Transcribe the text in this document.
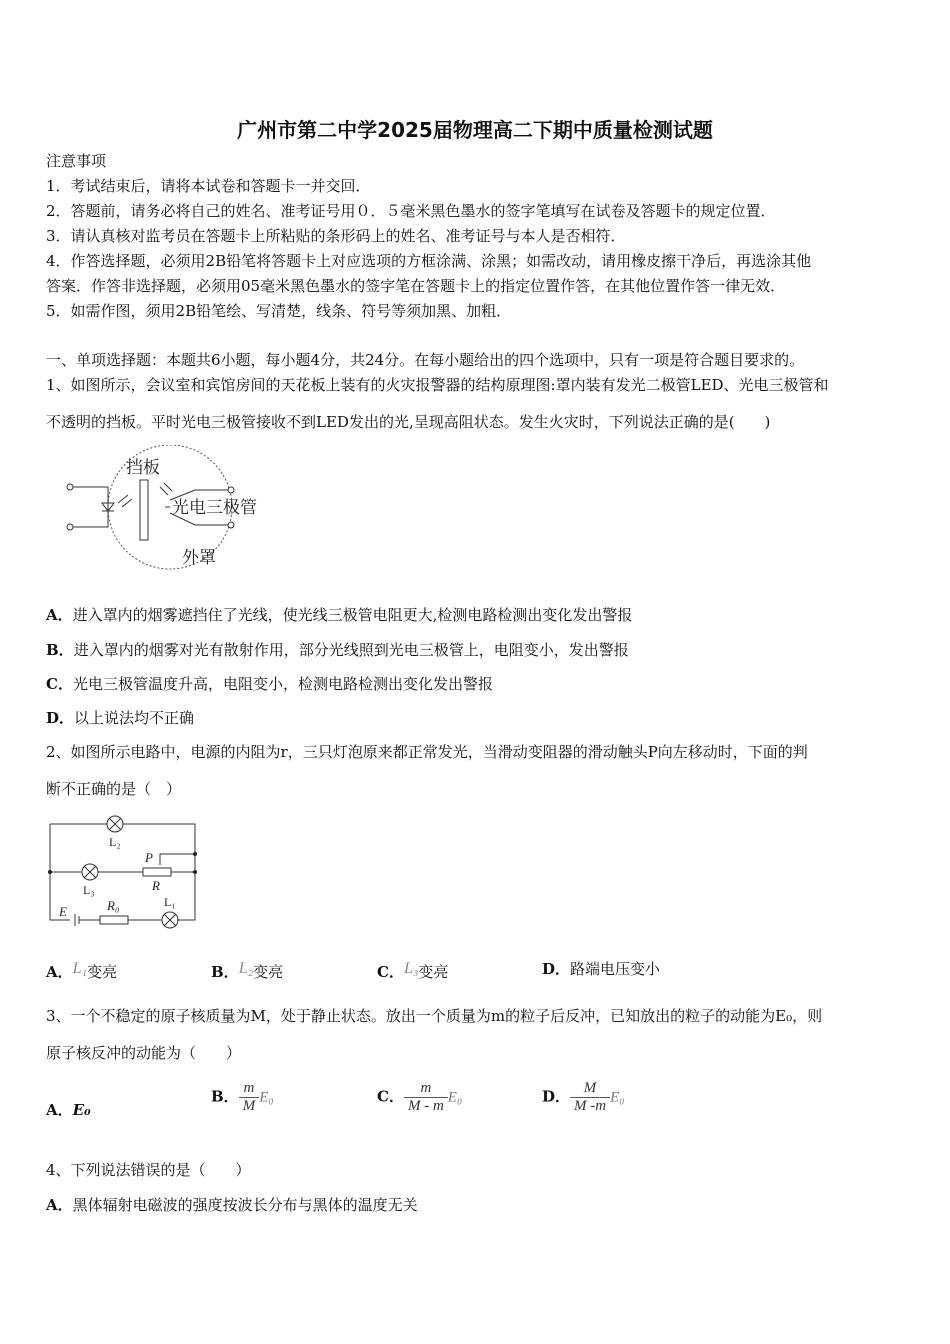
广州市第二中学2025届物理高二下期中质量检测试题
注意事项
1．考试结束后，请将本试卷和答题卡一并交回．
2．答题前，请务必将自己的姓名、准考证号用０．５毫米黑色墨水的签字笔填写在试卷及答题卡的规定位置．
3．请认真核对监考员在答题卡上所粘贴的条形码上的姓名、准考证号与本人是否相符．
4．作答选择题，必须用2B铅笔将答题卡上对应选项的方框涂满、涂黑；如需改动，请用橡皮擦干净后，再选涂其他
答案．作答非选择题，必须用05毫米黑色墨水的签字笔在答题卡上的指定位置作答，在其他位置作答一律无效．
5．如需作图，须用2B铅笔绘、写清楚，线条、符号等须加黑、加粗．
一、单项选择题：本题共6小题，每小题4分，共24分。在每小题给出的四个选项中，只有一项是符合题目要求的。
1、如图所示，会议室和宾馆房间的天花板上装有的火灾报警器的结构原理图:罩内装有发光二极管LED、光电三极管和
不透明的挡板。平时光电三极管接收不到LED发出的光,呈现高阻状态。发生火灾时，下列说法正确的是(　　)
挡板
光电三极管
外罩
A．进入罩内的烟雾遮挡住了光线，使光线三极管电阻更大,检测电路检测出变化发出警报
B．进入罩内的烟雾对光有散射作用，部分光线照到光电三极管上，电阻变小，发出警报
C．光电三极管温度升高，电阻变小，检测电路检测出变化发出警报
D．以上说法均不正确
2、如图所示电路中，电源的内阻为r，三只灯泡原来都正常发光，当滑动变阻器的滑动触头P向左移动时，下面的判
断不正确的是（　）
L₂
L₃
L₁
P
R
E	R₀
A．L₁变亮	B．L₂变亮	C．L₃变亮	D．路端电压变小
3、一个不稳定的原子核质量为M，处于静止状态。放出一个质量为m的粒子后反冲，已知放出的粒子的动能为E₀，则
原子核反冲的动能为（　　）
A．E₀
B． $\frac{m}{M} E_0$	C． $\frac{m}{M - m} E_0$	D． $\frac{M}{M -m} E_0$
4、下列说法错误的是（　　）
A．黑体辐射电磁波的强度按波长分布与黑体的温度无关
